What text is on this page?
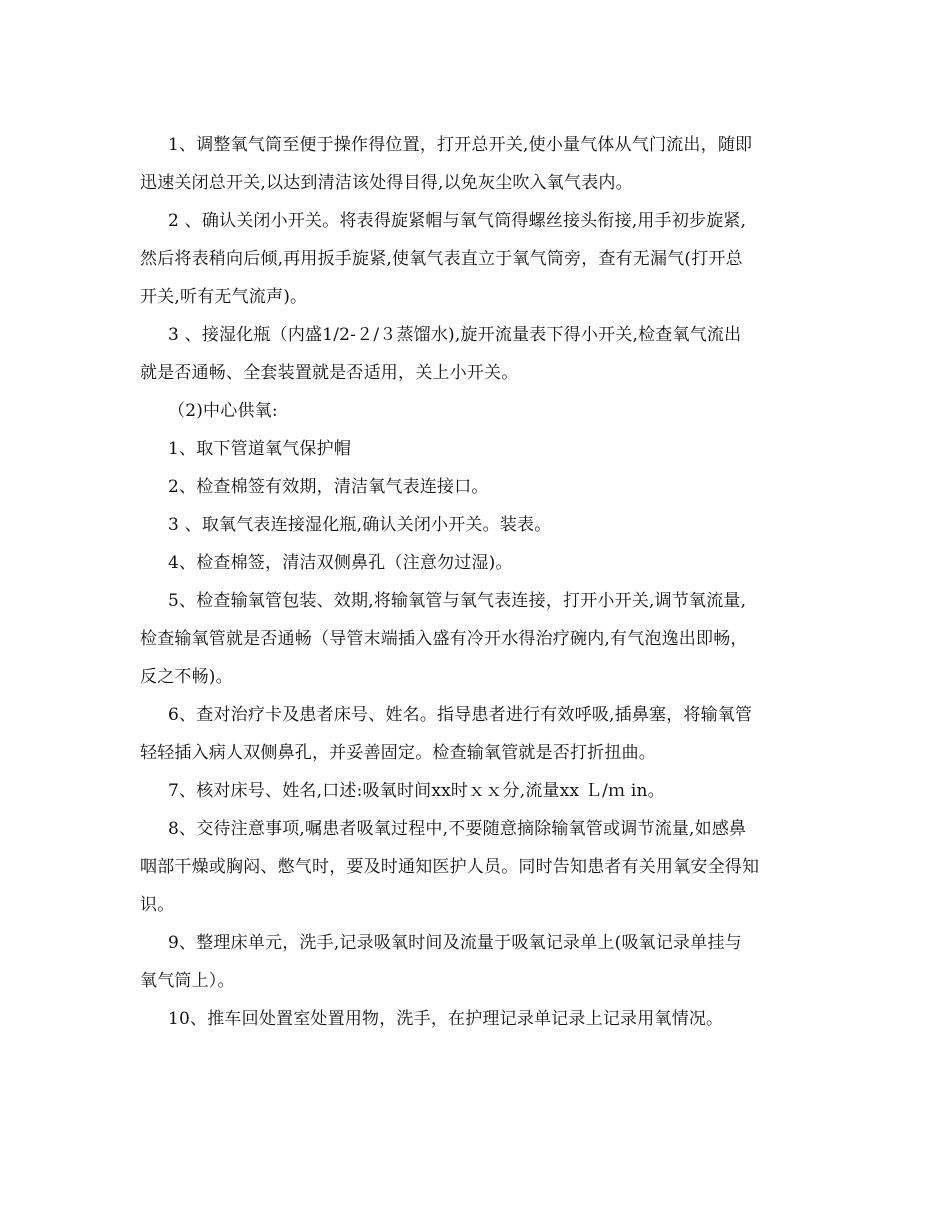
1、调整氧气筒至便于操作得位置，打开总开关,使小量气体从气门流出，随即
迅速关闭总开关,以达到清洁该处得目得,以免灰尘吹入氧气表内。

2 、确认关闭小开关。将表得旋紧帽与氧气筒得螺丝接头衔接,用手初步旋紧,
然后将表稍向后倾,再用扳手旋紧,使氧气表直立于氧气筒旁，查有无漏气(打开总
开关,听有无气流声)。

3 、接湿化瓶（内盛1/2-２/３蒸馏水),旋开流量表下得小开关,检查氧气流出
就是否通畅、全套装置就是否适用，关上小开关。

（2)中心供氧:

1、取下管道氧气保护帽

2、检查棉签有效期，清洁氧气表连接口。

3 、取氧气表连接湿化瓶,确认关闭小开关。装表。

4、检查棉签，清洁双侧鼻孔（注意勿过湿)。

5、检查输氧管包装、效期,将输氧管与氧气表连接，打开小开关,调节氧流量,
检查输氧管就是否通畅（导管末端插入盛有冷开水得治疗碗内,有气泡逸出即畅，
反之不畅)。

6、查对治疗卡及患者床号、姓名。指导患者进行有效呼吸,插鼻塞，将输氧管
轻轻插入病人双侧鼻孔，并妥善固定。检查输氧管就是否打折扭曲。

7、核对床号、姓名,口述:吸氧时间xx时ｘｘ分,流量xx Ｌ/ｍ in。

8、交待注意事项,嘱患者吸氧过程中,不要随意摘除输氧管或调节流量,如感鼻
咽部干燥或胸闷、憋气时，要及时通知医护人员。同时告知患者有关用氧安全得知
识。

9、整理床单元，洗手,记录吸氧时间及流量于吸氧记录单上(吸氧记录单挂与
氧气筒上）。

10、推车回处置室处置用物，洗手，在护理记录单记录上记录用氧情况。
